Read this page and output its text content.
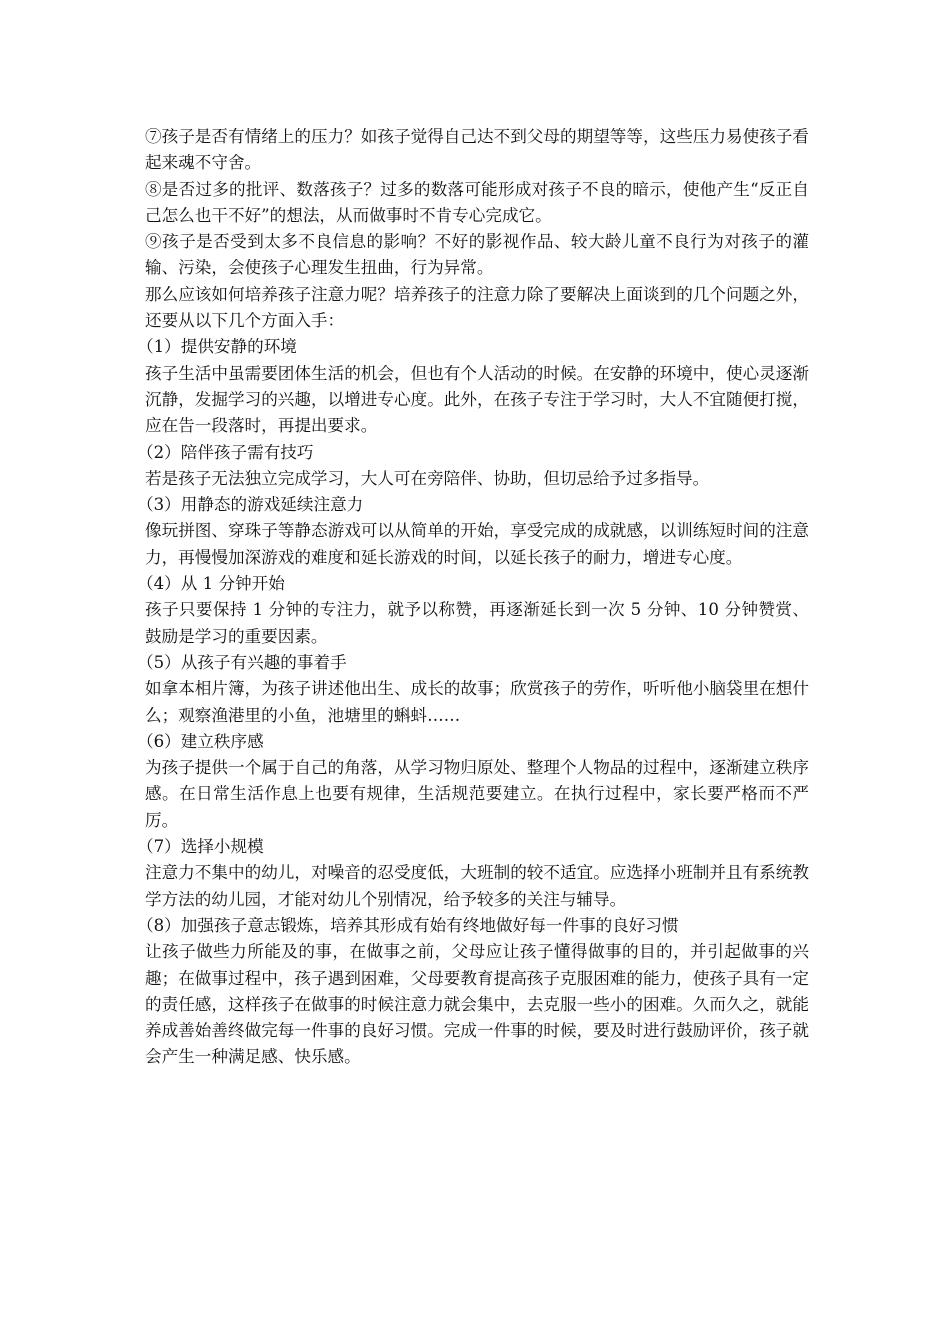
⑦孩子是否有情绪上的压力？如孩子觉得自己达不到父母的期望等等，这些压力易使孩子看起来魂不守舍。

⑧是否过多的批评、数落孩子？过多的数落可能形成对孩子不良的暗示，使他产生“反正自己怎么也干不好”的想法，从而做事时不肯专心完成它。

⑨孩子是否受到太多不良信息的影响？不好的影视作品、较大龄儿童不良行为对孩子的灌输、污染，会使孩子心理发生扭曲，行为异常。

那么应该如何培养孩子注意力呢？培养孩子的注意力除了要解决上面谈到的几个问题之外，还要从以下几个方面入手：

（1）提供安静的环境

孩子生活中虽需要团体生活的机会，但也有个人活动的时候。在安静的环境中，使心灵逐渐沉静，发掘学习的兴趣，以增进专心度。此外，在孩子专注于学习时，大人不宜随便打搅，应在告一段落时，再提出要求。

（2）陪伴孩子需有技巧

若是孩子无法独立完成学习，大人可在旁陪伴、协助，但切忌给予过多指导。

（3）用静态的游戏延续注意力

像玩拼图、穿珠子等静态游戏可以从简单的开始，享受完成的成就感，以训练短时间的注意力，再慢慢加深游戏的难度和延长游戏的时间，以延长孩子的耐力，增进专心度。

（4）从 1 分钟开始

孩子只要保持 1 分钟的专注力，就予以称赞，再逐渐延长到一次 5 分钟、10 分钟赞赏、鼓励是学习的重要因素。

（5）从孩子有兴趣的事着手

如拿本相片簿，为孩子讲述他出生、成长的故事；欣赏孩子的劳作，听听他小脑袋里在想什么；观察渔港里的小鱼，池塘里的蝌蚪……

（6）建立秩序感

为孩子提供一个属于自己的角落，从学习物归原处、整理个人物品的过程中，逐渐建立秩序感。在日常生活作息上也要有规律，生活规范要建立。在执行过程中，家长要严格而不严厉。

（7）选择小规模

注意力不集中的幼儿，对噪音的忍受度低，大班制的较不适宜。应选择小班制并且有系统教学方法的幼儿园，才能对幼儿个别情况，给予较多的关注与辅导。

（8）加强孩子意志锻炼，培养其形成有始有终地做好每一件事的良好习惯

让孩子做些力所能及的事，在做事之前，父母应让孩子懂得做事的目的，并引起做事的兴趣；在做事过程中，孩子遇到困难，父母要教育提高孩子克服困难的能力，使孩子具有一定的责任感，这样孩子在做事的时候注意力就会集中，去克服一些小的困难。久而久之，就能养成善始善终做完每一件事的良好习惯。完成一件事的时候，要及时进行鼓励评价，孩子就会产生一种满足感、快乐感。
